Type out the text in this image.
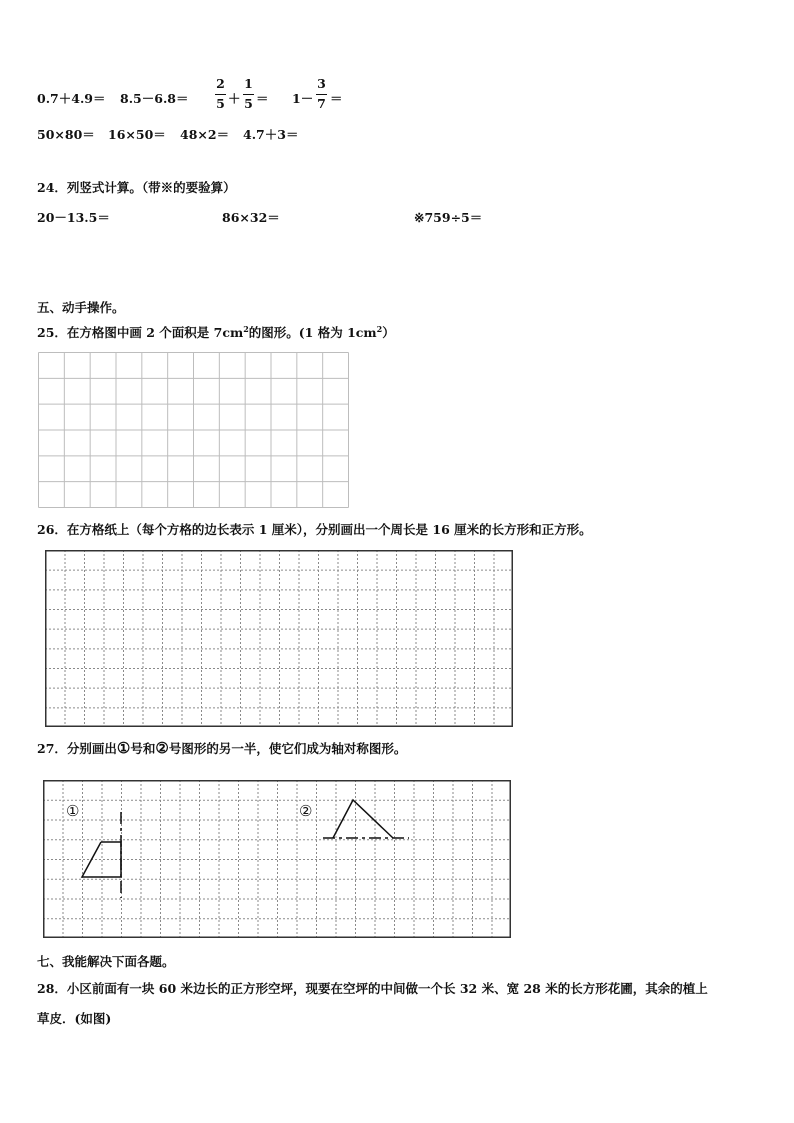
0.7＋4.9＝ 8.5－6.8＝
2
5 ＋
1
5 ＝ 1－
3
7 ＝
50×80＝ 16×50＝ 48×2＝ 4.7＋3＝
24．列竖式计算。（带※的要验算）
20－13.5＝	86×32＝	※759÷5＝
五、动手操作。
25．在方格图中画 2 个面积是 $7cm^2$的图形。(1 格为 $1cm^2$）
26．在方格纸上（每个方格的边长表示 1 厘米），分别画出一个周长是 16 厘米的长方形和正方形。
27．分别画出①号和②号图形的另一半，使它们成为轴对称图形。
①	②
七、我能解决下面各题。
28．小区前面有一块 60 米边长的正方形空坪，现要在空坪的中间做一个长 32 米、宽 28 米的长方形花圃，其余的植上
草皮．(如图)
